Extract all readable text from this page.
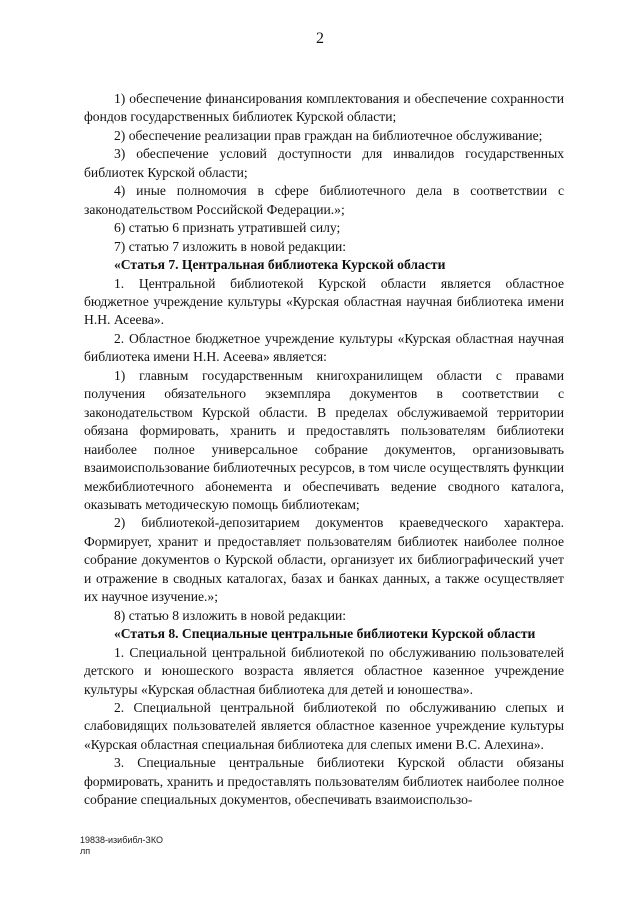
2

1) обеспечение финансирования комплектования и обеспечение сохранности фондов государственных библиотек Курской области;

2) обеспечение реализации прав граждан на библиотечное обслуживание;

3) обеспечение условий доступности для инвалидов государственных библиотек Курской области;

4) иные полномочия в сфере библиотечного дела в соответствии с законодательством Российской Федерации.»;

6) статью 6 признать утратившей силу;

7) статью 7 изложить в новой редакции:

«Статья 7. Центральная библиотека Курской области

1. Центральной библиотекой Курской области является областное бюджетное учреждение культуры «Курская областная научная библиотека имени Н.Н. Асеева».

2. Областное бюджетное учреждение культуры «Курская областная научная библиотека имени Н.Н. Асеева» является:

1) главным государственным книгохранилищем области с правами получения обязательного экземпляра документов в соответствии с законодательством Курской области. В пределах обслуживаемой территории обязана формировать, хранить и предоставлять пользователям библиотеки наиболее полное универсальное собрание документов, организовывать взаимоиспользование библиотечных ресурсов, в том числе осуществлять функции межбиблиотечного абонемента и обеспечивать ведение сводного каталога, оказывать методическую помощь библиотекам;

2) библиотекой-депозитарием документов краеведческого характера. Формирует, хранит и предоставляет пользователям библиотек наиболее полное собрание документов о Курской области, организует их библиографический учет и отражение в сводных каталогах, базах и банках данных, а также осуществляет их научное изучение.»;

8) статью 8 изложить в новой редакции:

«Статья 8. Специальные центральные библиотеки Курской области

1. Специальной центральной библиотекой по обслуживанию пользователей детского и юношеского возраста является областное казенное учреждение культуры «Курская областная библиотека для детей и юношества».

2. Специальной центральной библиотекой по обслуживанию слепых и слабовидящих пользователей является областное казенное учреждение культуры «Курская областная специальная библиотека для слепых имени В.С. Алехина».

3. Специальные центральные библиотеки Курской области обязаны формировать, хранить и предоставлять пользователям библиотек наиболее полное собрание специальных документов, обеспечивать взаимоиспользо-

19838-изибибл-ЗКО
лп
